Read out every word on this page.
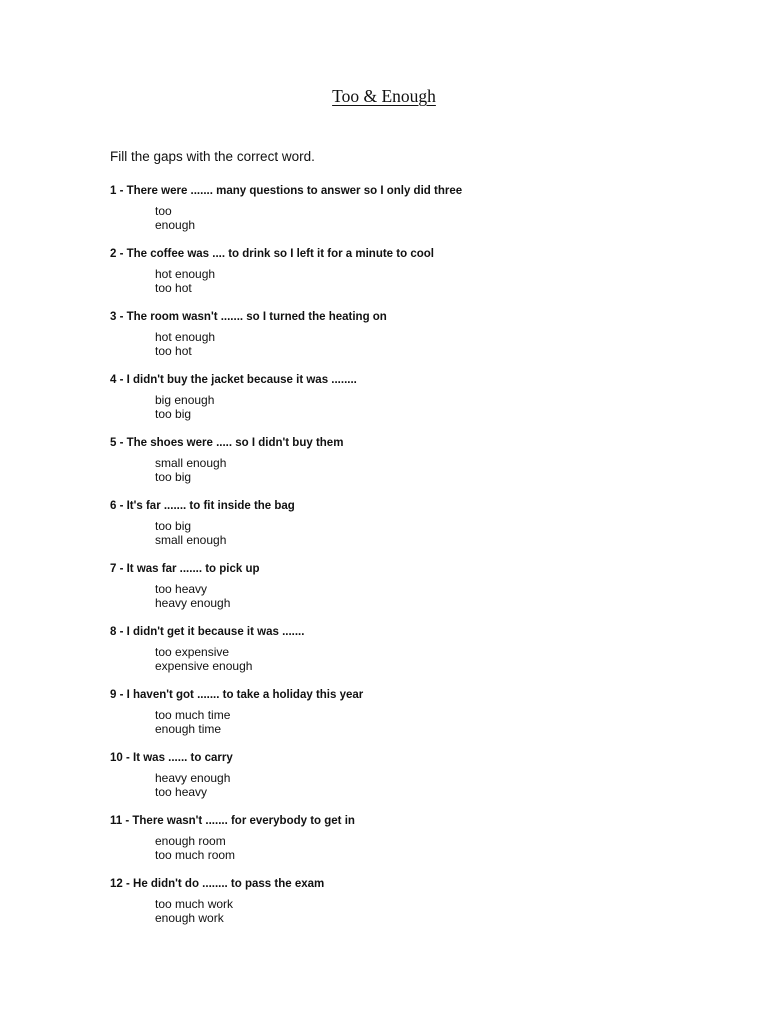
Too & Enough

Fill the gaps with the correct word.

1 - There were ....... many questions to answer so I only did three
too
enough
2 - The coffee was .... to drink so I left it for a minute to cool
hot enough
too hot
3 - The room wasn't ....... so I turned the heating on
hot enough
too hot
4 - I didn't buy the jacket because it was ........
big enough
too big
5 - The shoes were ..... so I didn't buy them
small enough
too big
6 - It's far ....... to fit inside the bag
too big
small enough
7 - It was far ....... to pick up
too heavy
heavy enough
8 - I didn't get it because it was .......
too expensive
expensive enough
9 - I haven't got ....... to take a holiday this year
too much time
enough time
10 - It was ...... to carry
heavy enough
too heavy
11 - There wasn't ....... for everybody to get in
enough room
too much room
12 - He didn't do ........ to pass the exam
too much work
enough work
